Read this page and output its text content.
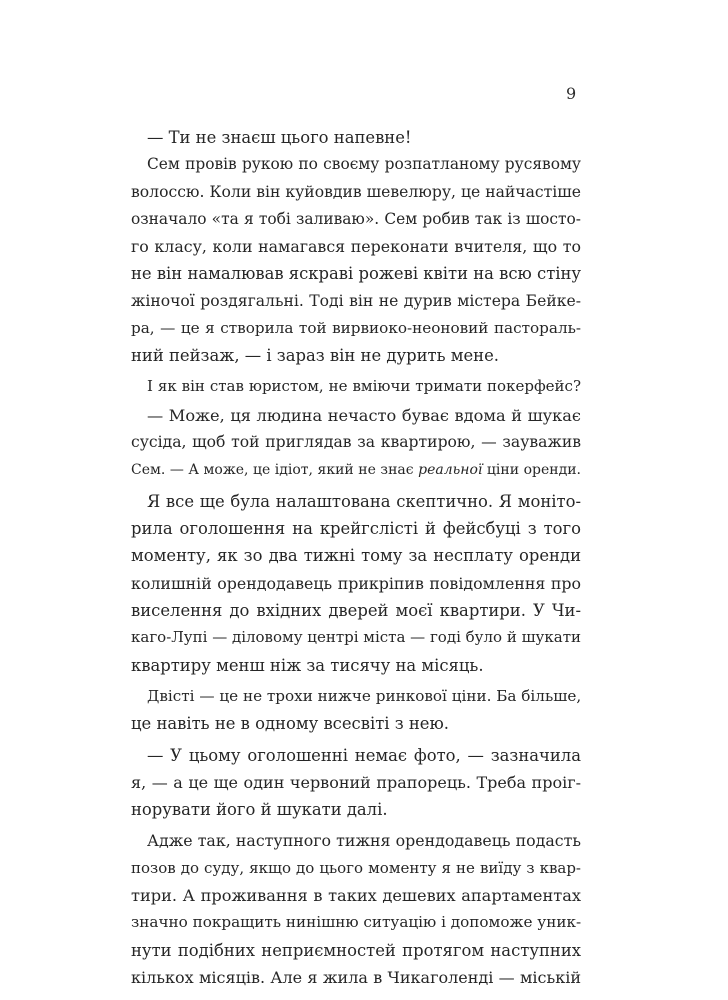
9
— Ти не знаєш цього напевне!
Сем провів рукою по своєму розпатланому русявому
волоссю. Коли він куйовдив шевелюру, це найчастіше
означало «та я тобі заливаю». Сем робив так із шосто-
го класу, коли намагався переконати вчителя, що то
не він намалював яскраві рожеві квіти на всю стіну
жіночої роздягальні. Тоді він не дурив містера Бейке-
ра, — це я створила той вирвиоко-неоновий пастораль-
ний пейзаж, — і зараз він не дурить мене.
І як він став юристом, не вміючи тримати покерфейс?
— Може, ця людина нечасто буває вдома й шукає
сусіда, щоб той приглядав за квартирою, — зауважив
Сем. — А може, це ідіот, який не знає реальної ціни оренди.
Я все ще була налаштована скептично. Я моніто-
рила оголошення на крейгслісті й фейсбуці з того
моменту, як зо два тижні тому за несплату оренди
колишній орендодавець прикріпив повідомлення про
виселення до вхідних дверей моєї квартири. У Чи-
каго-Лупі — діловому центрі міста — годі було й шукати
квартиру менш ніж за тисячу на місяць.
Двісті — це не трохи нижче ринкової ціни. Ба більше,
це навіть не в одному всесвіті з нею.
— У цьому оголошенні немає фото, — зазначила
я, — а це ще один червоний прапорець. Треба проіг-
норувати його й шукати далі.
Адже так, наступного тижня орендодавець подасть
позов до суду, якщо до цього моменту я не виїду з квар-
тири. А проживання в таких дешевих апартаментах
значно покращить нинішню ситуацію і допоможе уник-
нути подібних неприємностей протягом наступних
кількох місяців. Але я жила в Чикаголенді — міській
